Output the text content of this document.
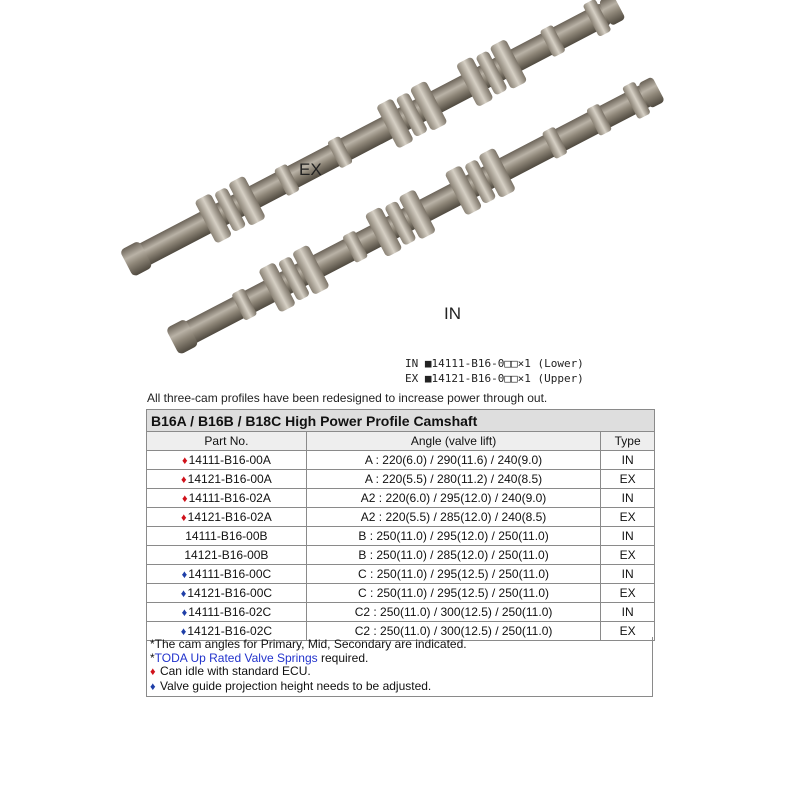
EX
IN
IN ■14111-B16-0□□×1 (Lower)
EX ■14121-B16-0□□×1 (Upper)
All three-cam profiles have been redesigned to increase power through out.
B16A / B16B / B18C High Power Profile Camshaft		
Part No.	Angle (valve lift)	Type
♦14111-B16-00A	A : 220(6.0) / 290(11.6) / 240(9.0)	IN
♦14121-B16-00A	A : 220(5.5) / 280(11.2) / 240(8.5)	EX
♦14111-B16-02A	A2 : 220(6.0) / 295(12.0) / 240(9.0)	IN
♦14121-B16-02A	A2 : 220(5.5) / 285(12.0) / 240(8.5)	EX
14111-B16-00B	B : 250(11.0) / 295(12.0) / 250(11.0)	IN
14121-B16-00B	B : 250(11.0) / 285(12.0) / 250(11.0)	EX
♦14111-B16-00C	C : 250(11.0) / 295(12.5) / 250(11.0)	IN
♦14121-B16-00C	C : 250(11.0) / 295(12.5) / 250(11.0)	EX
♦14111-B16-02C	C2 : 250(11.0) / 300(12.5) / 250(11.0)	IN
♦14121-B16-02C	C2 : 250(11.0) / 300(12.5) / 250(11.0)	EX
*The cam angles for Primary, Mid, Secondary are indicated.
*TODA Up Rated Valve Springs required.
♦ Can idle with standard ECU.
♦ Valve guide projection height needs to be adjusted.
